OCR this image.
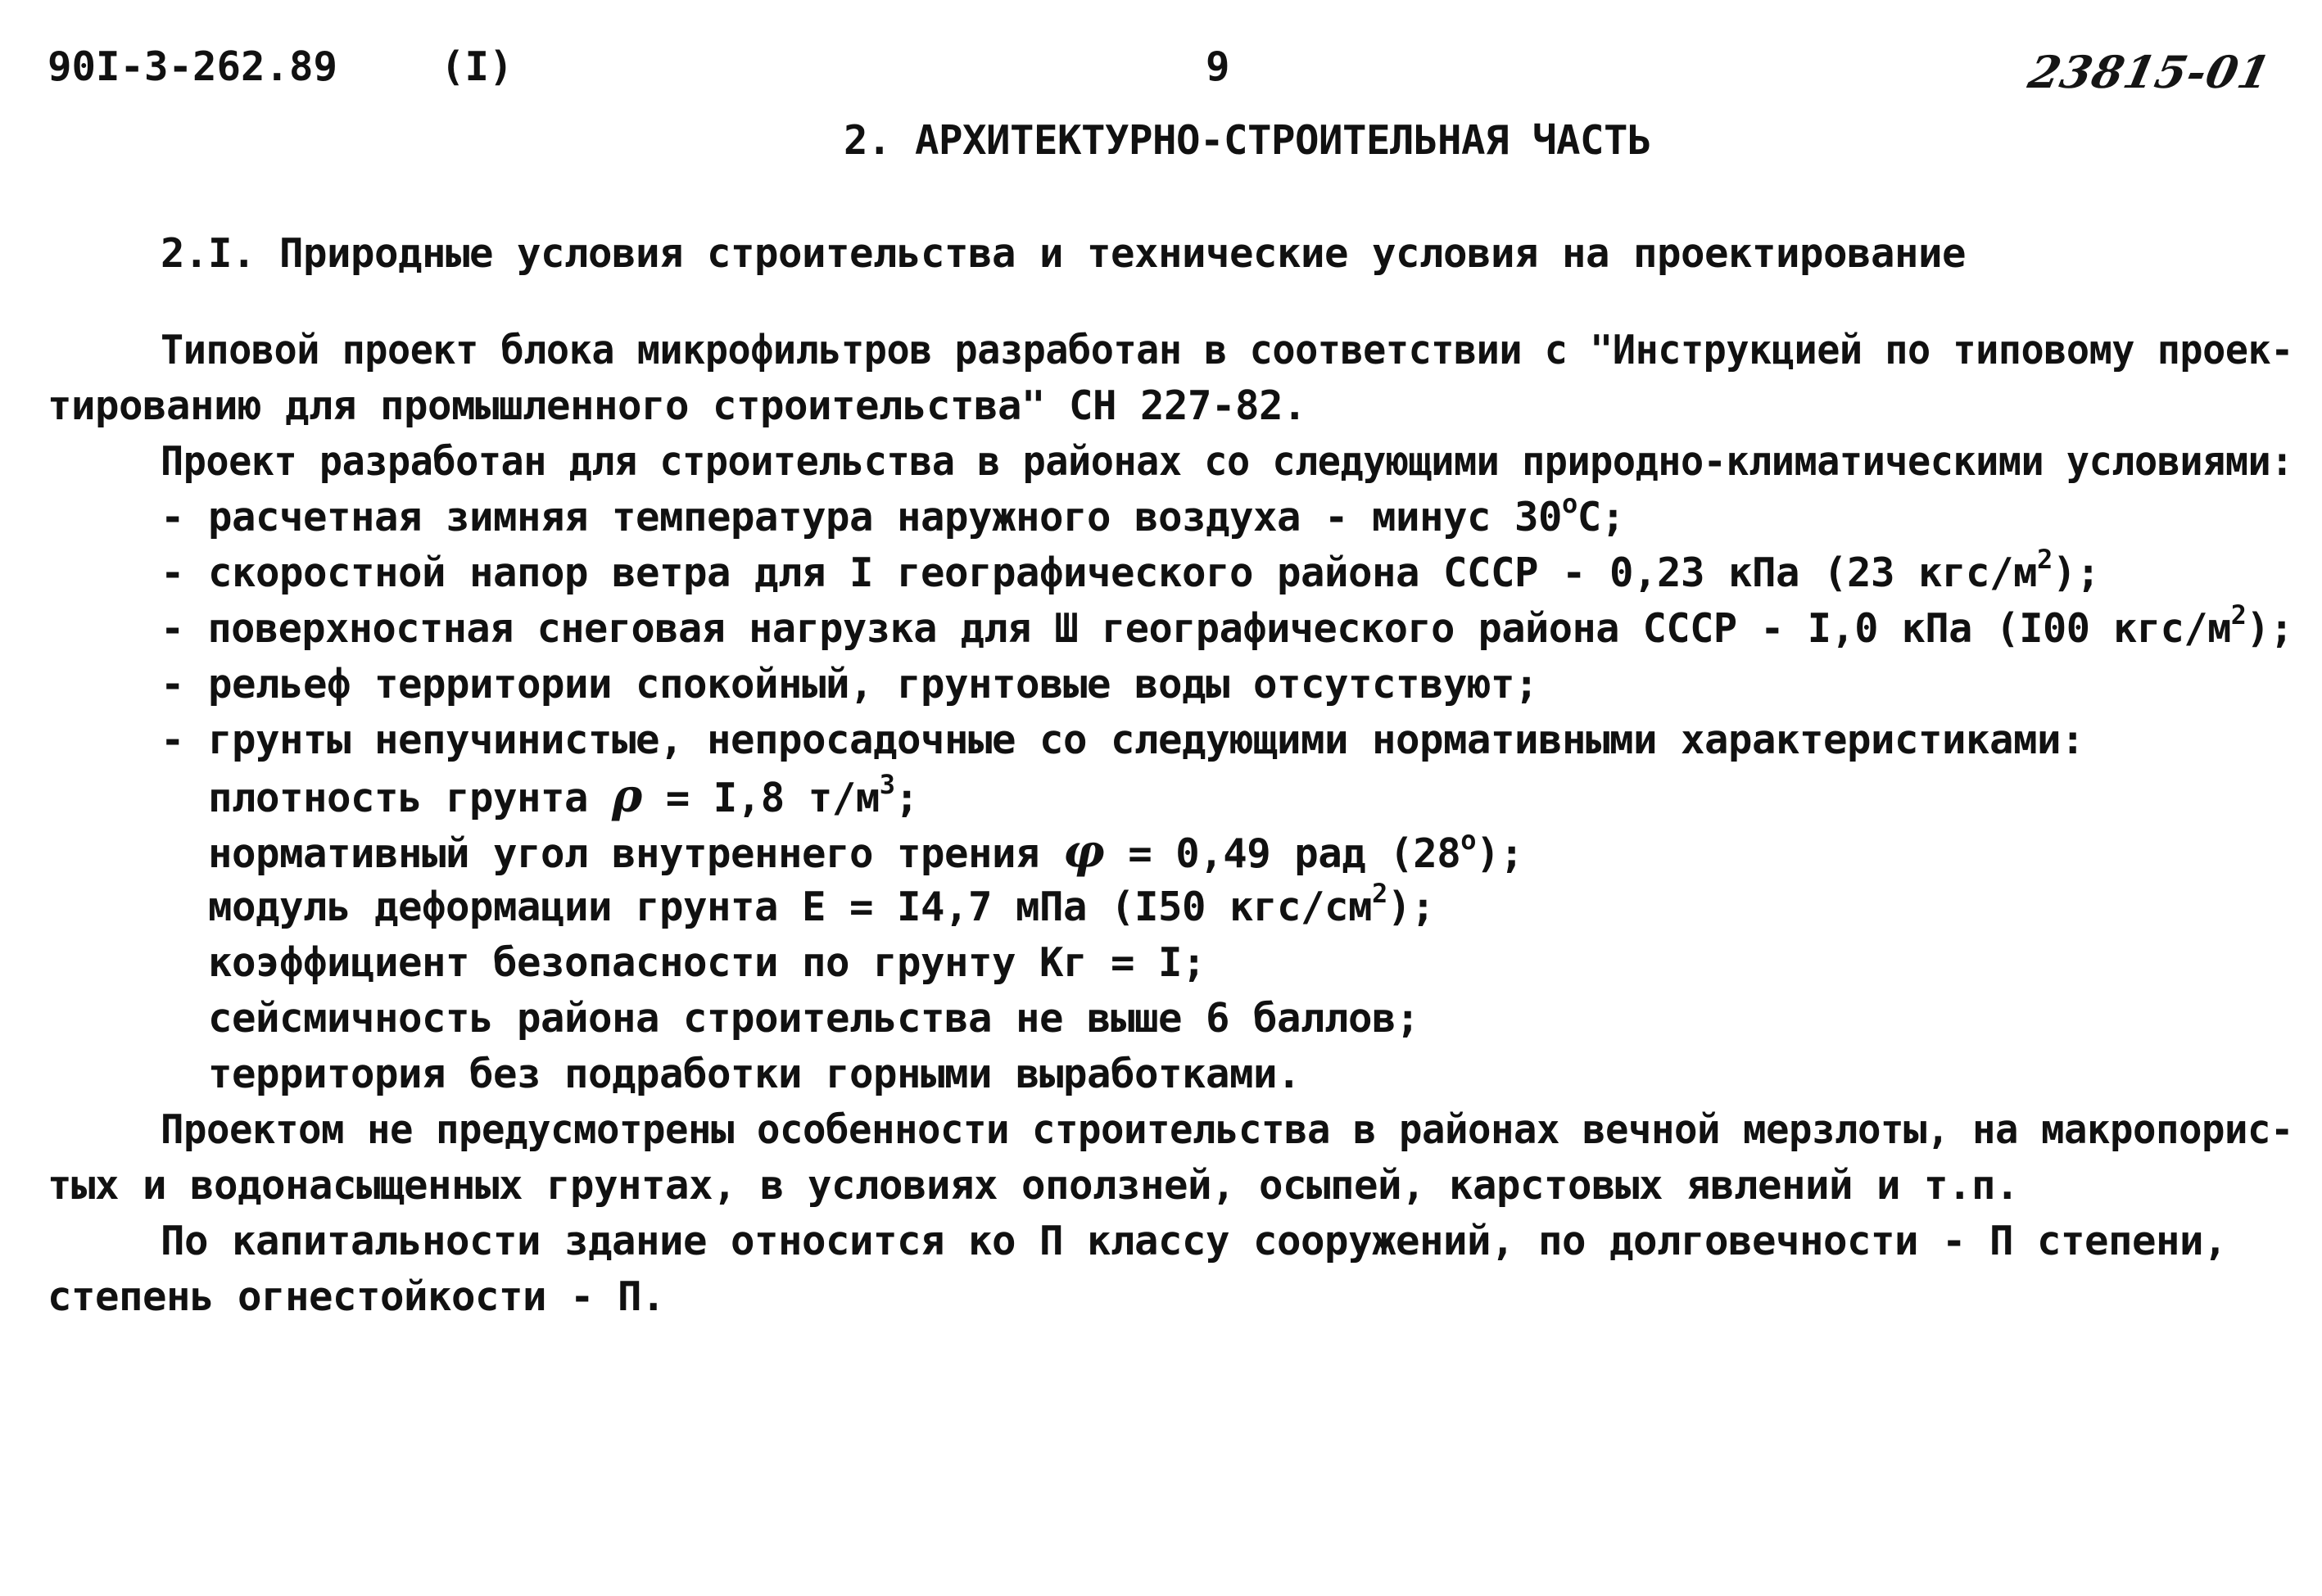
90I-3-262.89	(I)	9	23815-01
2. АРХИТЕКТУРНО-СТРОИТЕЛЬНАЯ ЧАСТЬ
2.I. Природные условия строительства и технические условия на проектирование
Типовой проект блока микрофильтров разработан в соответствии с "Инструкцией по типовому проек-
тированию для промышленного строительства" СН 227-82.
Проект разработан для строительства в районах со следующими природно-климатическими условиями:
- расчетная зимняя температура наружного воздуха - минус 30$^o$С;
- скоростной напор ветра для I географического района СССР - 0,23 кПа (23 кгс/$м^2$);
- поверхностная снеговая нагрузка для Ш географического района СССР - I,0 кПа (I00 кгс/$м^2$);
- рельеф территории спокойный, грунтовые воды отсутствуют;
- грунты непучинистые, непросадочные со следующими нормативными характеристиками:
плотность грунта ρ = I,8 $т/м^3$;
нормативный угол внутреннего трения φ = 0,49 рад (28$^o$);
модуль деформации грунта Е = I4,7 мПа (I50 кгс/$см^2$);
коэффициент безопасности по грунту Кг = I;
сейсмичность района строительства не выше 6 баллов;
территория без подработки горными выработками.
Проектом не предусмотрены особенности строительства в районах вечной мерзлоты, на макропорис-
тых и водонасыщенных грунтах, в условиях оползней, осыпей, карстовых явлений и т.п.
По капитальности здание относится ко П классу сооружений, по долговечности - П степени,
степень огнестойкости - П.
